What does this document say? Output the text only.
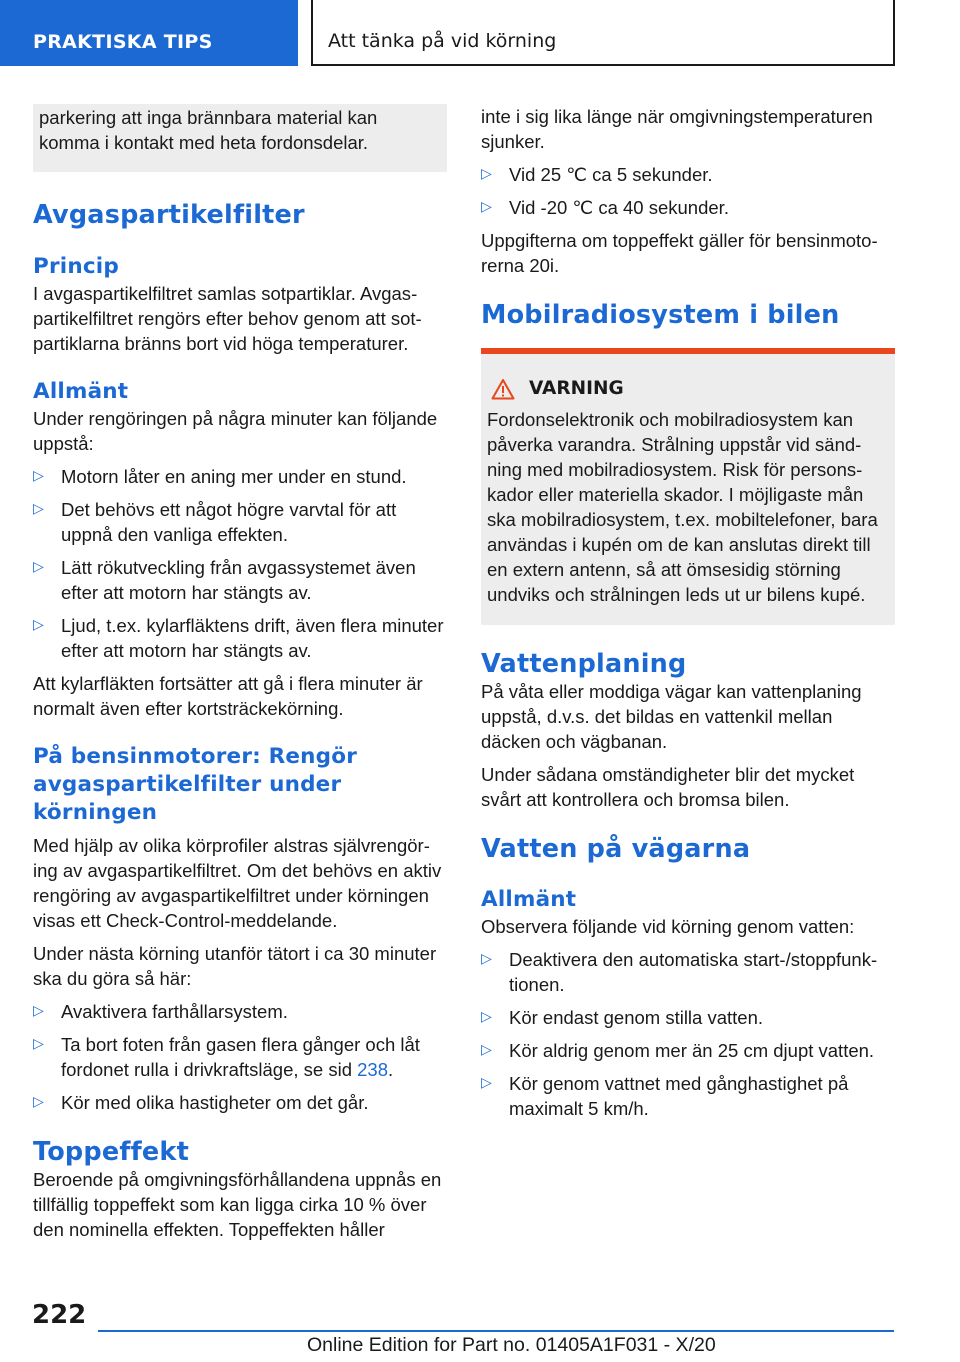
PRAKTISKA TIPS	Att tänka på vid körning

parkering att inga brännbara material kan

komma i kontakt med heta fordonsdelar.

Avgaspartikelfilter
Princip

I avgaspartikelfiltret samlas sotpartiklar. Avgaspartikelfiltret rengörs efter behov genom att sotpartiklarna bränns bort vid höga temperaturer.

Allmänt

Under rengöringen på några minuter kan följande uppstå:

▷ Motorn låter en aning mer under en stund.
▷ Det behövs ett något högre varvtal för att uppnå den vanliga effekten.
▷ Lätt rökutveckling från avgassystemet även efter att motorn har stängts av.
▷ Ljud, t.ex. kylarfläktens drift, även flera minuter efter att motorn har stängts av.

Att kylarfläkten fortsätter att gå i flera minuter är normalt även efter kortsträckekörning.

På bensinmotorer: Rengör avgaspartikelfilter under körningen

Med hjälp av olika körprofiler alstras självrengöring av avgaspartikelfiltret. Om det behövs en aktiv rengöring av avgaspartikelfiltret under körningen visas ett Check-Control-meddelande.

Under nästa körning utanför tätort i ca 30 minuter ska du göra så här:

▷ Avaktivera farthållarsystem.
▷ Ta bort foten från gasen flera gånger och låt fordonet rulla i drivkraftsläge, se sid 238.
▷ Kör med olika hastigheter om det går.
Toppeffekt

Beroende på omgivningsförhållandena uppnås en tillfällig toppeffekt som kan ligga cirka 10 % över den nominella effekten. Toppeffekten håller

inte i sig lika länge när omgivningstemperaturen sjunker.

▷ Vid 25 ℃ ca 5 sekunder.
▷ Vid -20 ℃ ca 40 sekunder.

Uppgifterna om toppeffekt gäller för bensinmotorerna 20i.

Mobilradiosystem i bilen
VARNING

Fordonselektronik och mobilradiosystem kan påverka varandra. Strålning uppstår vid sändning med mobilradiosystem. Risk för personskador eller materiella skador. I möjligaste mån ska mobilradiosystem, t.ex. mobiltelefoner, bara användas i kupén om de kan anslutas direkt till en extern antenn, så att ömsesidig störning undviks och strålningen leds ut ur bilens kupé.

Vattenplaning

På våta eller moddiga vägar kan vattenplaning uppstå, d.v.s. det bildas en vattenkil mellan däcken och vägbanan.

Under sådana omständigheter blir det mycket svårt att kontrollera och bromsa bilen.

Vatten på vägarna
Allmänt

Observera följande vid körning genom vatten:

▷ Deaktivera den automatiska start-/stoppfunktionen.
▷ Kör endast genom stilla vatten.
▷ Kör aldrig genom mer än 25 cm djupt vatten.
▷ Kör genom vattnet med gånghastighet på maximalt 5 km/h.
222
Online Edition for Part no. 01405A1F031 - X/20
